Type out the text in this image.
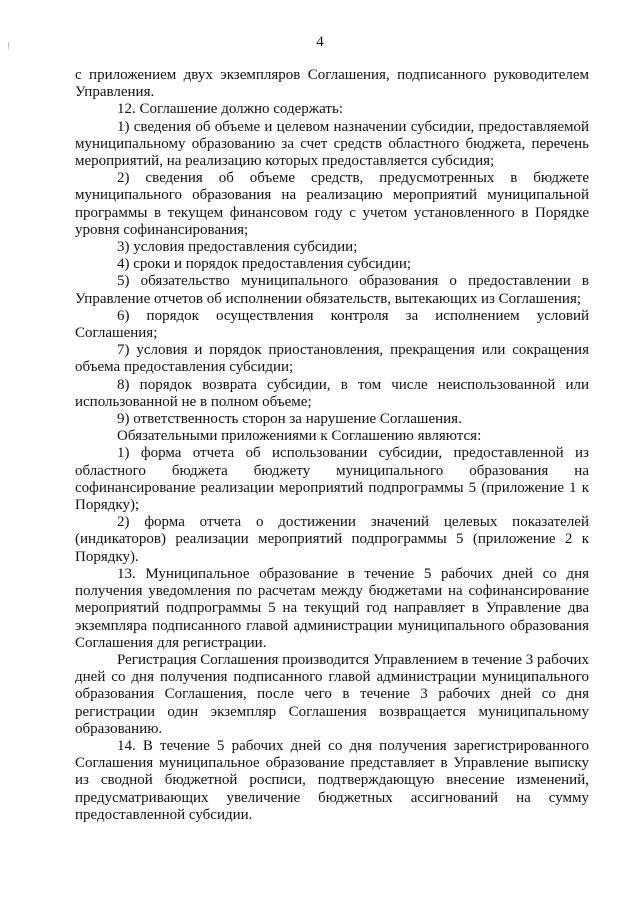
4

с приложением двух экземпляров Соглашения, подписанного руководителем Управления.

12. Соглашение должно содержать:

1) сведения об объеме и целевом назначении субсидии, предоставляемой муниципальному образованию за счет средств областного бюджета, перечень мероприятий, на реализацию которых предоставляется субсидия;

2) сведения об объеме средств, предусмотренных в бюджете муниципального образования на реализацию мероприятий муниципальной программы в текущем финансовом году с учетом установленного в Порядке уровня софинансирования;

3) условия предоставления субсидии;

4) сроки и порядок предоставления субсидии;

5) обязательство муниципального образования о предоставлении в Управление отчетов об исполнении обязательств, вытекающих из Соглашения;

6) порядок осуществления контроля за исполнением условий Соглашения;

7) условия и порядок приостановления, прекращения или сокращения объема предоставления субсидии;

8) порядок возврата субсидии, в том числе неиспользованной или использованной не в полном объеме;

9) ответственность сторон за нарушение Соглашения.

Обязательными приложениями к Соглашению являются:

1) форма отчета об использовании субсидии, предоставленной из областного бюджета бюджету муниципального образования на софинансирование реализации мероприятий подпрограммы 5 (приложение 1 к Порядку);

2) форма отчета о достижении значений целевых показателей (индикаторов) реализации мероприятий подпрограммы 5 (приложение 2 к Порядку).

13. Муниципальное образование в течение 5 рабочих дней со дня получения уведомления по расчетам между бюджетами на софинансирование мероприятий подпрограммы 5 на текущий год направляет в Управление два экземпляра подписанного главой администрации муниципального образования Соглашения для регистрации.

Регистрация Соглашения производится Управлением в течение 3 рабочих дней со дня получения подписанного главой администрации муниципального образования Соглашения, после чего в течение 3 рабочих дней со дня регистрации один экземпляр Соглашения возвращается муниципальному образованию.

14. В течение 5 рабочих дней со дня получения зарегистрированного Соглашения муниципальное образование представляет в Управление выписку из сводной бюджетной росписи, подтверждающую внесение изменений, предусматривающих увеличение бюджетных ассигнований на сумму предоставленной субсидии.
